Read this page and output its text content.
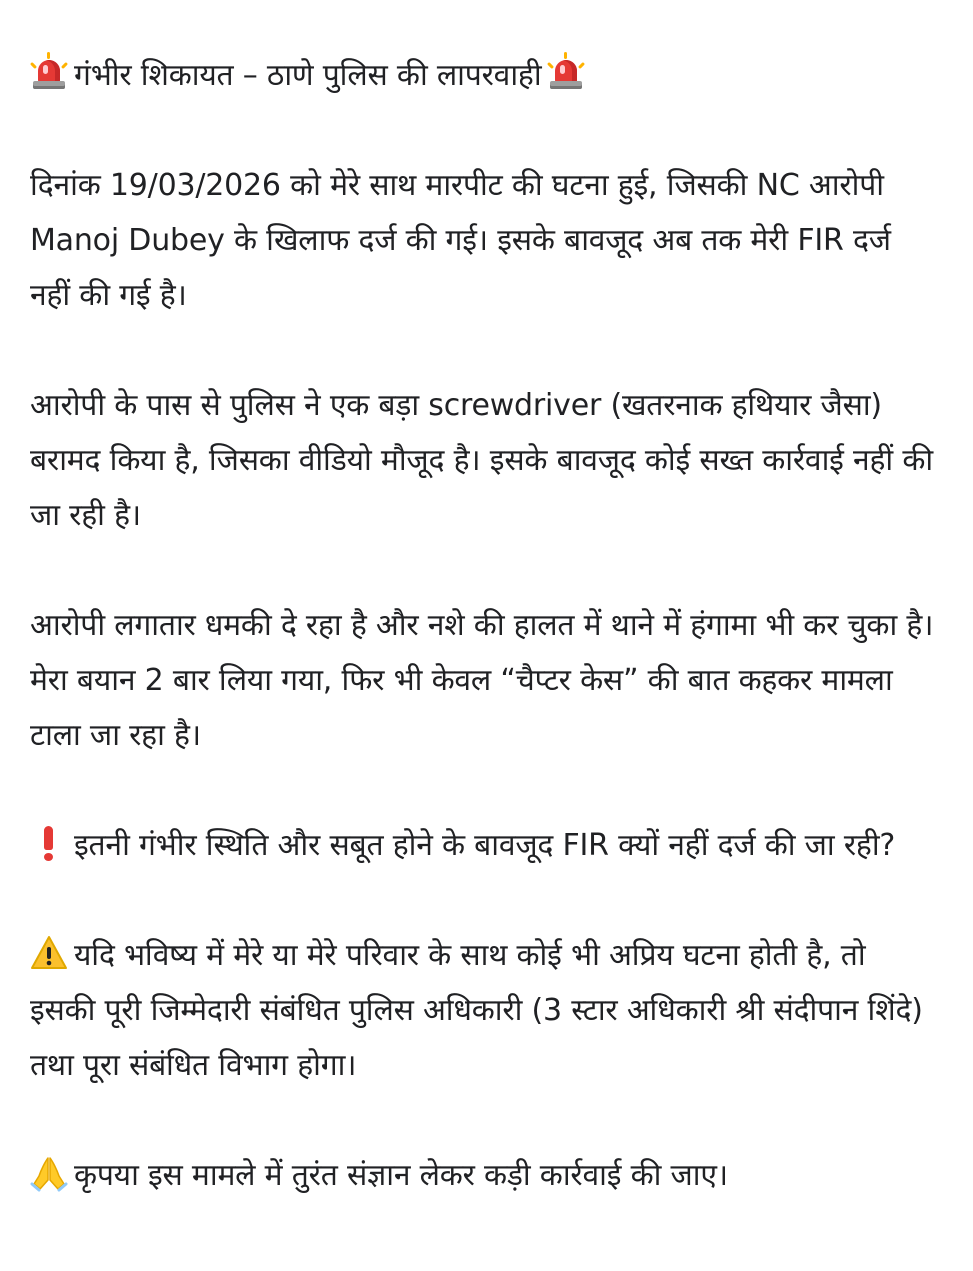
गंभीर शिकायत – ठाणे पुलिस की लापरवाही

दिनांक 19/03/2026 को मेरे साथ मारपीट की घटना हुई, जिसकी NC आरोपी Manoj Dubey के खिलाफ दर्ज की गई। इसके बावजूद अब तक मेरी FIR दर्ज नहीं की गई है।

आरोपी के पास से पुलिस ने एक बड़ा screwdriver (खतरनाक हथियार जैसा) बरामद किया है, जिसका वीडियो मौजूद है। इसके बावजूद कोई सख्त कार्रवाई नहीं की जा रही है।

आरोपी लगातार धमकी दे रहा है और नशे की हालत में थाने में हंगामा भी कर चुका है। मेरा बयान 2 बार लिया गया, फिर भी केवल “चैप्टर केस” की बात कहकर मामला टाला जा रहा है।

इतनी गंभीर स्थिति और सबूत होने के बावजूद FIR क्यों नहीं दर्ज की जा रही?

यदि भविष्य में मेरे या मेरे परिवार के साथ कोई भी अप्रिय घटना होती है, तो इसकी पूरी जिम्मेदारी संबंधित पुलिस अधिकारी (3 स्टार अधिकारी श्री संदीपान शिंदे) तथा पूरा संबंधित विभाग होगा।

कृपया इस मामले में तुरंत संज्ञान लेकर कड़ी कार्रवाई की जाए।
